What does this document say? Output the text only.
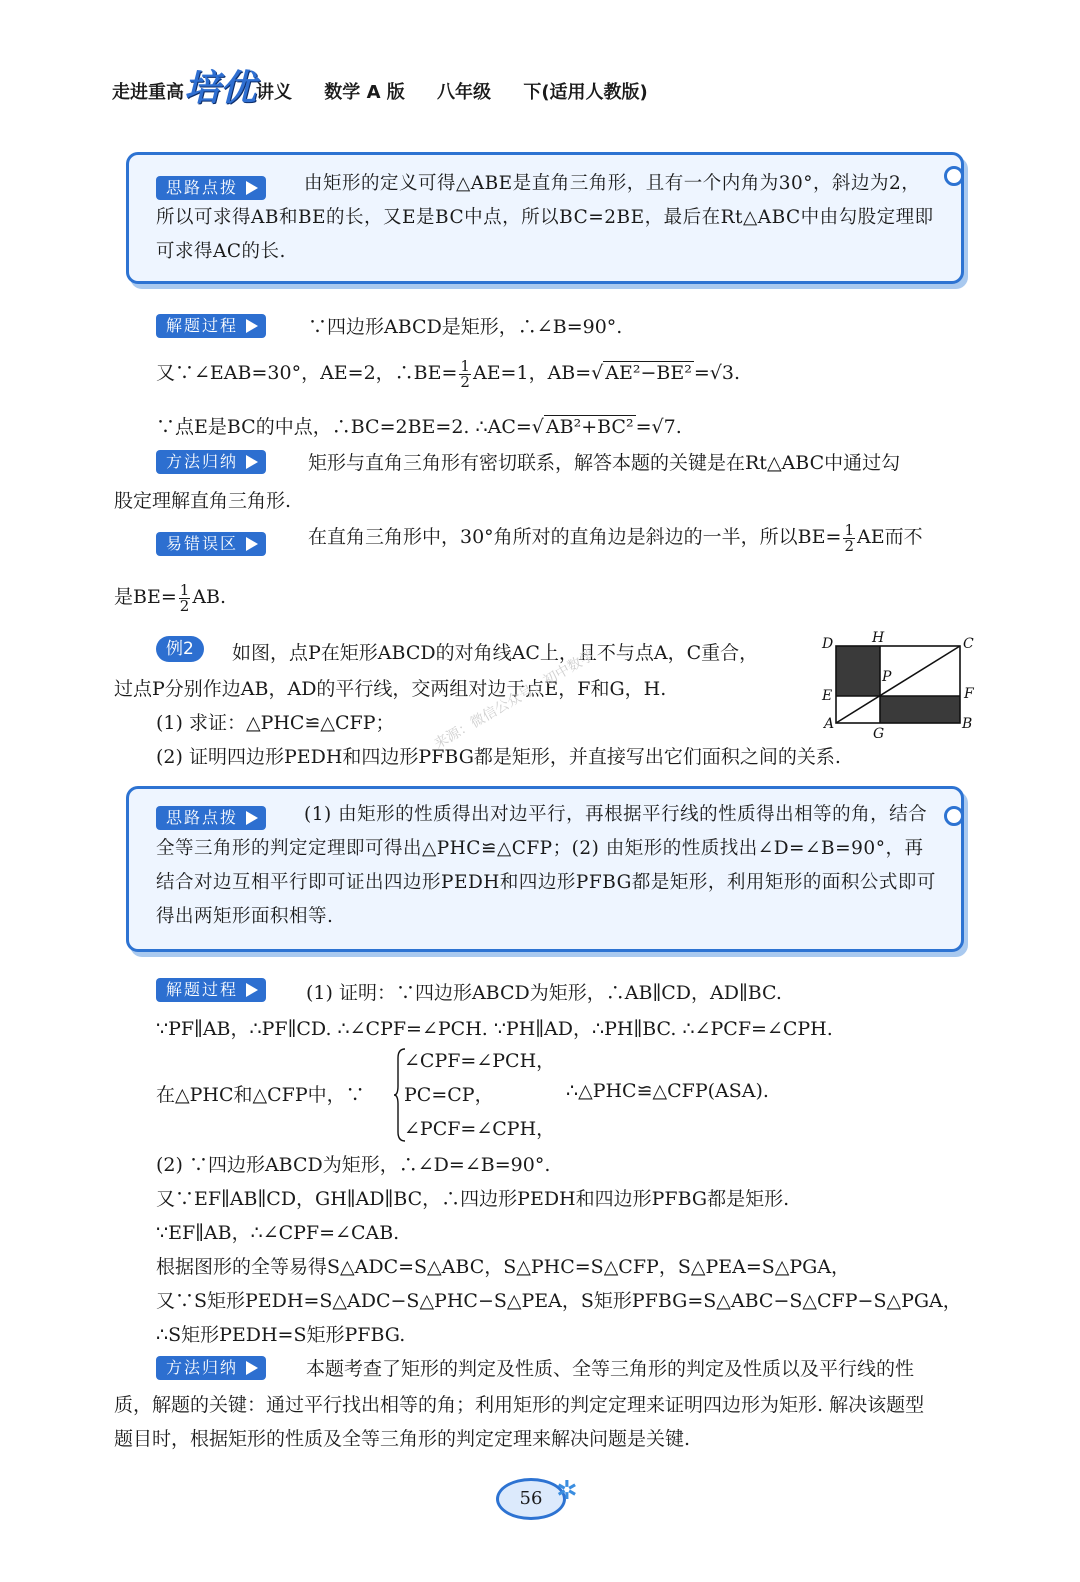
走进重高培优讲义 数学 A 版 八年级 下(适用人教版)
思路点拨	由矩形的定义可得△ABE是直角三角形，且有一个内角为30°，斜边为2，所以可求得AB和BE的长，又E是BC中点，所以BC=2BE，最后在Rt△ABC中由勾股定理即可求得AC的长.
解题过程	∵四边形ABCD是矩形，∴∠B=90°.
又∵∠EAB=30°，AE=2，∴BE= $\frac{1}{2} AE=1$，AB=√ AE²−BE² =√3.
∵点E是BC的中点，∴BC=2BE=2. ∴AC=√ AB²+BC² =√7.
方法归纳	矩形与直角三角形有密切联系，解答本题的关键是在Rt△ABC中通过勾
股定理解直角三角形.
易错误区	在直角三角形中，30°角所对的直角边是斜边的一半，所以$BE= \frac{1}{2}$ AE而不
是$BE= \frac{1}{2}$ AB.
例2	如图，点P在矩形ABCD的对角线AC上，且不与点A，C重合，
过点P分别作边AB，AD的平行线，交两组对边于点E，F和G，H.
(1) 求证：△PHC≌△CFP；
(2) 证明四边形PEDH和四边形PFBG都是矩形，并直接写出它们面积之间的关系.
D	H	C
P
E	F
A
G
B
来源：微信公众号：初中数学
思路点拨	(1) 由矩形的性质得出对边平行，再根据平行线的性质得出相等的角，结合全等三角形的判定定理即可得出△PHC≌△CFP；(2) 由矩形的性质找出∠D=∠B=90°，再结合对边互相平行即可证出四边形PEDH和四边形PFBG都是矩形，利用矩形的面积公式即可得出两矩形面积相等.
解题过程	(1) 证明：∵四边形ABCD为矩形，∴AB∥CD，AD∥BC.
∵PF∥AB，∴PF∥CD. ∴∠CPF=∠PCH. ∵PH∥AD，∴PH∥BC. ∴∠PCF=∠CPH.
在△PHC和△CFP中，∵
∠CPF=∠PCH，
PC=CP，
∠PCF=∠CPH，
∴△PHC≌△CFP(ASA).
(2) ∵四边形ABCD为矩形，∴∠D=∠B=90°.
又∵EF∥AB∥CD，GH∥AD∥BC，∴四边形PEDH和四边形PFBG都是矩形.
∵EF∥AB，∴∠CPF=∠CAB.
根据图形的全等易得S△ADC=S△ABC，S△PHC=S△CFP，S△PEA=S△PGA，
又∵S矩形PEDH=S△ADC−S△PHC−S△PEA，S矩形PFBG=S△ABC−S△CFP−S△PGA，
∴S矩形PEDH=S矩形PFBG.
方法归纳	本题考查了矩形的判定及性质、全等三角形的判定及性质以及平行线的性
质，解题的关键：通过平行找出相等的角；利用矩形的判定定理来证明四边形为矩形. 解决该题型
题目时，根据矩形的性质及全等三角形的判定定理来解决问题是关键.
56 ✲
